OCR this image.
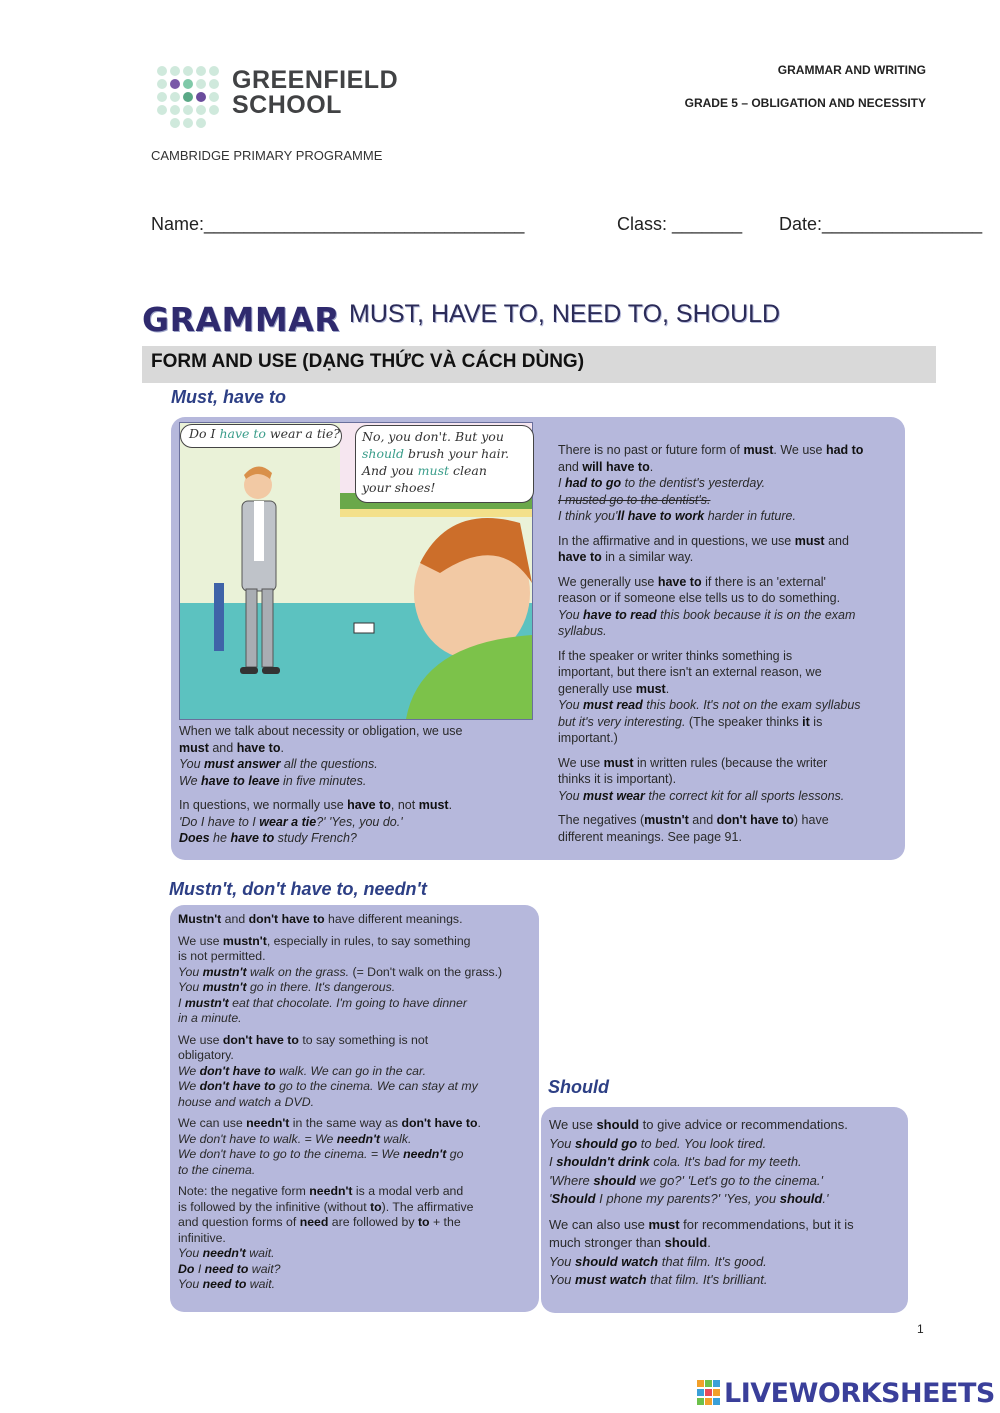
GREENFIELD
SCHOOL
CAMBRIDGE PRIMARY PROGRAMME
GRAMMAR AND WRITING
GRADE 5 – OBLIGATION AND NECESSITY
Name:________________________________	Class: _______ Date:________________
GRAMMAR MUST, HAVE TO, NEED TO, SHOULD
FORM AND USE (DẠNG THỨC VÀ CÁCH DÙNG)
Must, have to
Do I have to wear a tie? No, you don't. But you
should brush your hair.
And you must clean
your shoes!

When we talk about necessity or obligation, we use
must and have to.
You must answer all the questions.
We have to leave in five minutes.

In questions, we normally use have to, not must.
'Do I have to I wear a tie?' 'Yes, you do.'
Does he have to study French?

There is no past or future form of must. We use had to
and will have to.
I had to go to the dentist's yesterday.
I musted go to the dentist's.
I think you'll have to work harder in future.

In the affirmative and in questions, we use must and
have to in a similar way.

We generally use have to if there is an 'external'
reason or if someone else tells us to do something.
You have to read this book because it is on the exam
syllabus.

If the speaker or writer thinks something is
important, but there isn't an external reason, we
generally use must.
You must read this book. It's not on the exam syllabus
but it's very interesting. (The speaker thinks it is
important.)

We use must in written rules (because the writer
thinks it is important).
You must wear the correct kit for all sports lessons.

The negatives (mustn't and don't have to) have
different meanings. See page 91.

Mustn't, don't have to, needn't

Mustn't and don't have to have different meanings.

We use mustn't, especially in rules, to say something
is not permitted.
You mustn't walk on the grass. (= Don't walk on the grass.)
You mustn't go in there. It's dangerous.
I mustn't eat that chocolate. I'm going to have dinner
in a minute.

We use don't have to to say something is not
obligatory.
We don't have to walk. We can go in the car.
We don't have to go to the cinema. We can stay at my
house and watch a DVD.

We can use needn't in the same way as don't have to.
We don't have to walk. = We needn't walk.
We don't have to go to the cinema. = We needn't go
to the cinema.

Note: the negative form needn't is a modal verb and
is followed by the infinitive (without to). The affirmative
and question forms of need are followed by to + the
infinitive.
You needn't wait.
Do I need to wait?
You need to wait.

Should

We use should to give advice or recommendations.
You should go to bed. You look tired.
I shouldn't drink cola. It's bad for my teeth.
'Where should we go?' 'Let's go to the cinema.'
'Should I phone my parents?' 'Yes, you should.'

We can also use must for recommendations, but it is
much stronger than should.
You should watch that film. It's good.
You must watch that film. It's brilliant.

1
LIVEWORKSHEETS
